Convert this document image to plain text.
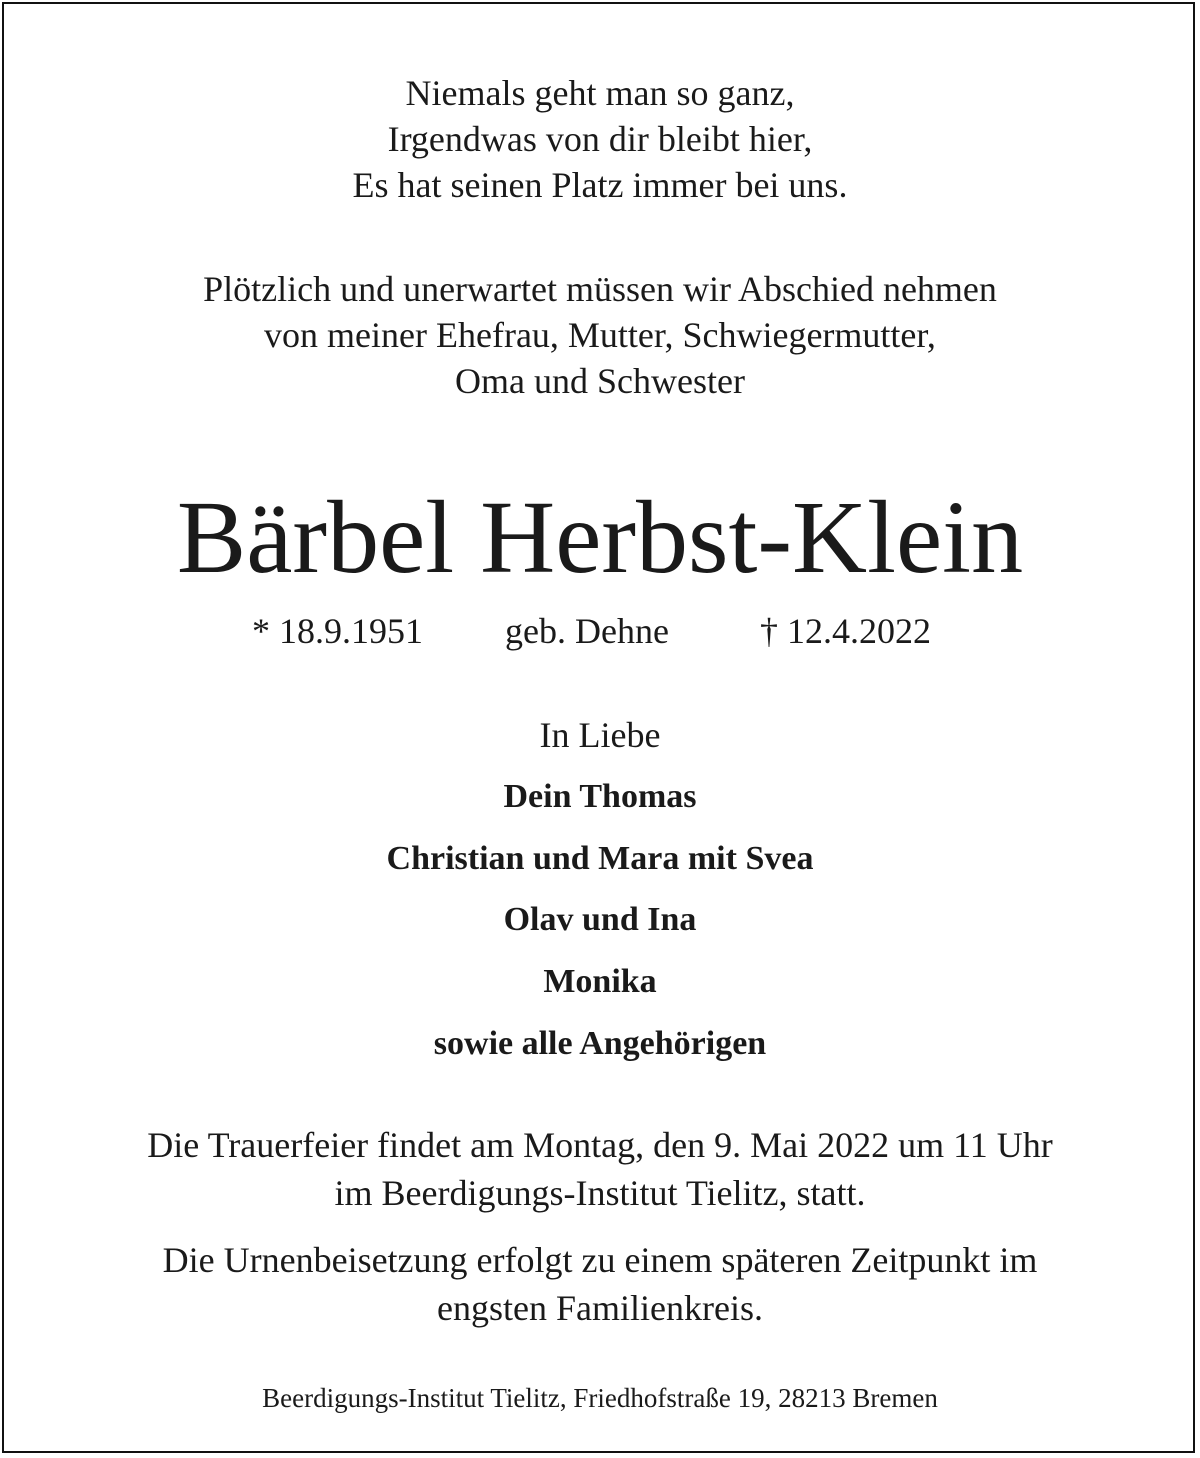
Niemals geht man so ganz,
Irgendwas von dir bleibt hier,
Es hat seinen Platz immer bei uns.
Plötzlich und unerwartet müssen wir Abschied nehmen
von meiner Ehefrau, Mutter, Schwiegermutter,
Oma und Schwester
Bärbel Herbst-Klein
* 18.9.1951 geb. Dehne	† 12.4.2022
In Liebe
Dein Thomas
Christian und Mara mit Svea
Olav und Ina
Monika
sowie alle Angehörigen
Die Trauerfeier findet am Montag, den 9. Mai 2022 um 11 Uhr
im Beerdigungs-Institut Tielitz, statt.
Die Urnenbeisetzung erfolgt zu einem späteren Zeitpunkt im
engsten Familienkreis.
Beerdigungs-Institut Tielitz, Friedhofstraße 19, 28213 Bremen
